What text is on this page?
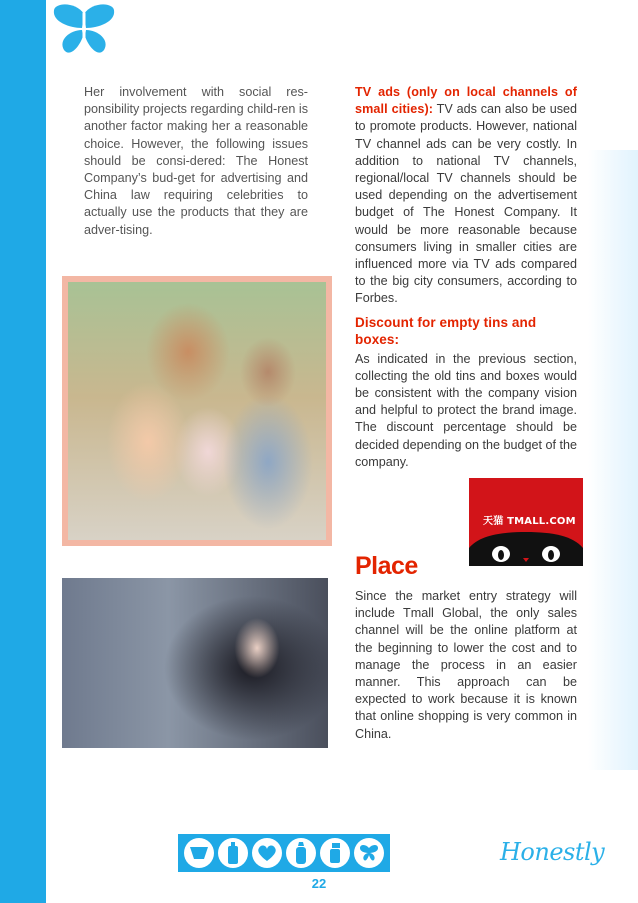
Her involvement with social res-ponsibility projects regarding child-ren is another factor making her a reasonable choice. However, the following issues should be consi-dered: The Honest Company’s bud-get for advertising and China law requiring celebrities to actually use the products that they are adver-tising.

TV ads (only on local channels of small cities): TV ads can also be used to promote products. However, national TV channel ads can be very costly. In addition to national TV channels, regional/local TV channels should be used depending on the advertisement budget of The Honest Company. It would be more reasonable because consumers living in smaller cities are influenced more via TV ads compared to the big city consumers, according to Forbes.

Discount for empty tins and boxes:

As indicated in the previous section, collecting the old tins and boxes would be consistent with the company vision and helpful to protect the brand image. The discount percentage should be decided depending on the budget of the company.

天猫 TMALL.COM
Place

Since the market entry strategy will include Tmall Global, the only sales channel will be the online platform at the beginning to lower the cost and to manage the process in an easier manner. This approach can be expected to work because it is known that online shopping is very common in China.

Honestly
22
